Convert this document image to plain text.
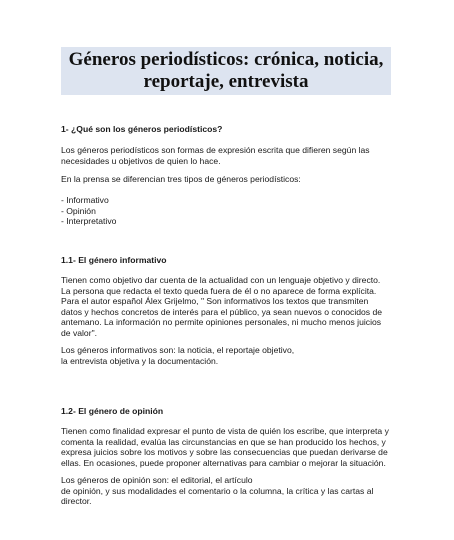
Géneros periodísticos: crónica, noticia,
reportaje, entrevista
1- ¿Qué son los géneros periodísticos?
Los géneros periodísticos son formas de expresión escrita que difieren según las
necesidades u objetivos de quien lo hace.
En la prensa se diferencian tres tipos de géneros periodísticos:
- Informativo
- Opinión
- Interpretativo
1.1- El género informativo
Tienen como objetivo dar cuenta de la actualidad con un lenguaje objetivo y directo.
La persona que redacta el texto queda fuera de él o no aparece de forma explícita.
Para el autor español Álex Grijelmo, " Son informativos los textos que transmiten
datos y hechos concretos de interés para el público, ya sean nuevos o conocidos de
antemano. La información no permite opiniones personales, ni mucho menos juicios
de valor".
Los géneros informativos son: la noticia, el reportaje objetivo,
la entrevista objetiva y la documentación.
1.2- El género de opinión
Tienen como finalidad expresar el punto de vista de quién los escribe, que interpreta y
comenta la realidad, evalúa las circunstancias en que se han producido los hechos, y
expresa juicios sobre los motivos y sobre las consecuencias que puedan derivarse de
ellas. En ocasiones, puede proponer alternativas para cambiar o mejorar la situación.
Los géneros de opinión son: el editorial, el artículo
de opinión, y sus modalidades el comentario o la columna, la crítica y las cartas al
director.
